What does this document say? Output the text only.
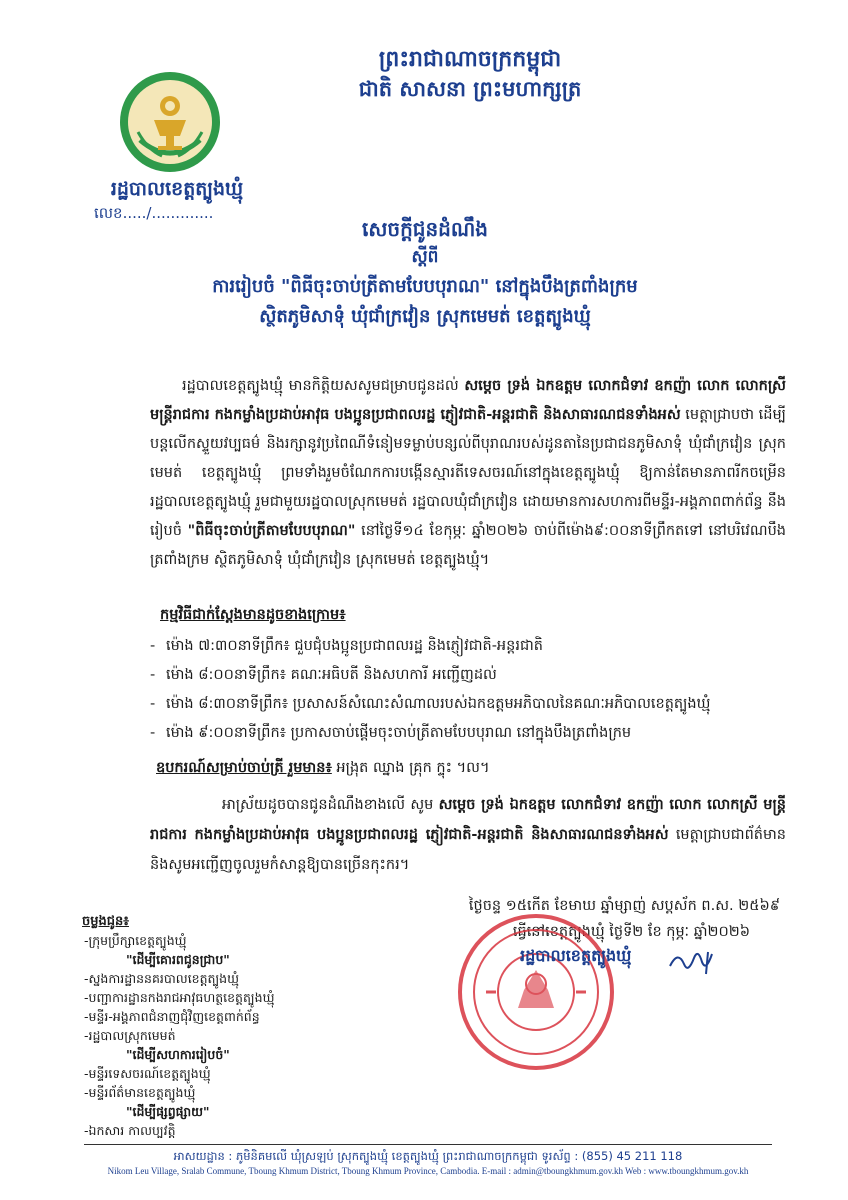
ព្រះរាជាណាចក្រកម្ពុជា
ជាតិ សាសនា ព្រះមហាក្សត្រ
រដ្ឋបាលខេត្តត្បូងឃ្មុំ
លេខ...../.............
សេចក្តីជូនដំណឹង
ស្តីពី
ការរៀបចំ "ពិធីចុះចាប់ត្រីតាមបែបបុរាណ" នៅក្នុងបឹងត្រពាំងក្រម
ស្ថិតភូមិសាទុំ ឃុំជាំក្រវៀន ស្រុកមេមត់ ខេត្តត្បូងឃ្មុំ

រដ្ឋបាលខេត្តត្បូងឃ្មុំ មានកិត្តិយសសូមជម្រាបជូនដល់ សម្តេច ទ្រង់ ឯកឧត្តម លោកជំទាវ ឧកញ៉ា លោក លោកស្រី មន្ត្រីរាជការ កងកម្លាំងប្រដាប់អាវុធ បងប្អូនប្រជាពលរដ្ឋ ភ្ញៀវជាតិ-អន្តរជាតិ និងសាធារណជនទាំងអស់ មេត្តាជ្រាបថា ដើម្បីបន្តលើកស្ទួយវប្បធម៌ និងរក្សានូវប្រពៃណីទំនៀមទម្លាប់បន្សល់ពីបុរាណរបស់ដូនតានៃប្រជាជនភូមិសាទុំ ឃុំជាំក្រវៀន ស្រុកមេមត់ ខេត្តត្បូងឃ្មុំ ព្រមទាំងរួមចំណែកការបង្កើនស្មារតីទេសចរណ៍នៅក្នុងខេត្តត្បូងឃ្មុំ ឱ្យកាន់តែមានភាពរីកចម្រើន រដ្ឋបាលខេត្តត្បូងឃ្មុំ រួមជាមួយរដ្ឋបាលស្រុកមេមត់ រដ្ឋបាលឃុំជាំក្រវៀន ដោយមានការសហការពីមន្ទីរ-អង្គភាពពាក់ព័ន្ធ នឹងរៀបចំ "ពិធីចុះចាប់ត្រីតាមបែបបុរាណ" នៅថ្ងៃទី១៤ ខែកុម្ភៈ ឆ្នាំ២០២៦ ចាប់ពីម៉ោង៩:០០នាទីព្រឹកតទៅ នៅបរិវេណបឹងត្រពាំងក្រម ស្ថិតភូមិសាទុំ ឃុំជាំក្រវៀន ស្រុកមេមត់ ខេត្តត្បូងឃ្មុំ។

កម្មវិធីជាក់ស្តែងមានដូចខាងក្រោម៖
- ម៉ោង ៧:៣០នាទីព្រឹក៖ ជួបជុំបងប្អូនប្រជាពលរដ្ឋ និងភ្ញៀវជាតិ-អន្តរជាតិ
- ម៉ោង ៨:០០នាទីព្រឹក៖ គណៈអធិបតី និងសហការី អញ្ជើញដល់
- ម៉ោង ៨:៣០នាទីព្រឹក៖ ប្រសាសន៍សំណេះសំណាលរបស់ឯកឧត្តមអភិបាលនៃគណៈអភិបាលខេត្តត្បូងឃ្មុំ
- ម៉ោង ៩:០០នាទីព្រឹក៖ ប្រកាសចាប់ផ្តើមចុះចាប់ត្រីតាមបែបបុរាណ នៅក្នុងបឹងត្រពាំងក្រម
ឧបករណ៍សម្រាប់ចាប់ត្រី រួមមាន៖ អង្រុត ឈ្នាង គ្រុក ក្ទុះ ។ល។

អាស្រ័យដូចបានជូនដំណឹងខាងលើ សូម សម្តេច ទ្រង់ ឯកឧត្តម លោកជំទាវ ឧកញ៉ា លោក លោកស្រី មន្ត្រីរាជការ កងកម្លាំងប្រដាប់អាវុធ បងប្អូនប្រជាពលរដ្ឋ ភ្ញៀវជាតិ-អន្តរជាតិ និងសាធារណជនទាំងអស់ មេត្តាជ្រាបជាព័ត៌មាន និងសូមអញ្ជើញចូលរួមកំសាន្តឱ្យបានច្រើនកុះករ។

ថ្ងៃចន្ទ ១៥កើត ខែមាឃ ឆ្នាំម្សាញ់ សប្តស័ក ព.ស. ២៥៦៩
ធ្វើនៅខេត្តត្បូងឃ្មុំ ថ្ងៃទី២ ខែ កុម្ភៈ ឆ្នាំ២០២៦
រដ្ឋបាលខេត្តត្បូងឃ្មុំ
ចម្លងជូន៖
-ក្រុមប្រឹក្សាខេត្តត្បូងឃ្មុំ
"ដើម្បីគោរពជូនជ្រាប"
-ស្នងការដ្ឋាននគរបាលខេត្តត្បូងឃ្មុំ
-បញ្ជាការដ្ឋានកងរាជអាវុធហត្ថខេត្តត្បូងឃ្មុំ
-មន្ទីរ-អង្គភាពជំនាញជុំវិញខេត្តពាក់ព័ន្ធ
-រដ្ឋបាលស្រុកមេមត់
"ដើម្បីសហការរៀបចំ"
-មន្ទីរទេសចរណ៍ខេត្តត្បូងឃ្មុំ
-មន្ទីរព័ត៌មានខេត្តត្បូងឃ្មុំ
"ដើម្បីផ្សព្វផ្សាយ"
-ឯកសារ កាលប្បវត្តិ
អាសយដ្ឋាន : ភូមិនិគមលើ ឃុំស្រឡប់ ស្រុកត្បូងឃ្មុំ ខេត្តត្បូងឃ្មុំ ព្រះរាជាណាចក្រកម្ពុជា ទូរស័ព្ទ : (855) 45 211 118
Nikom Leu Village, Sralab Commune, Tboung Khmum District, Tboung Khmum Province, Cambodia. E-mail : admin@tboungkhmum.gov.kh Web : www.tboungkhmum.gov.kh
